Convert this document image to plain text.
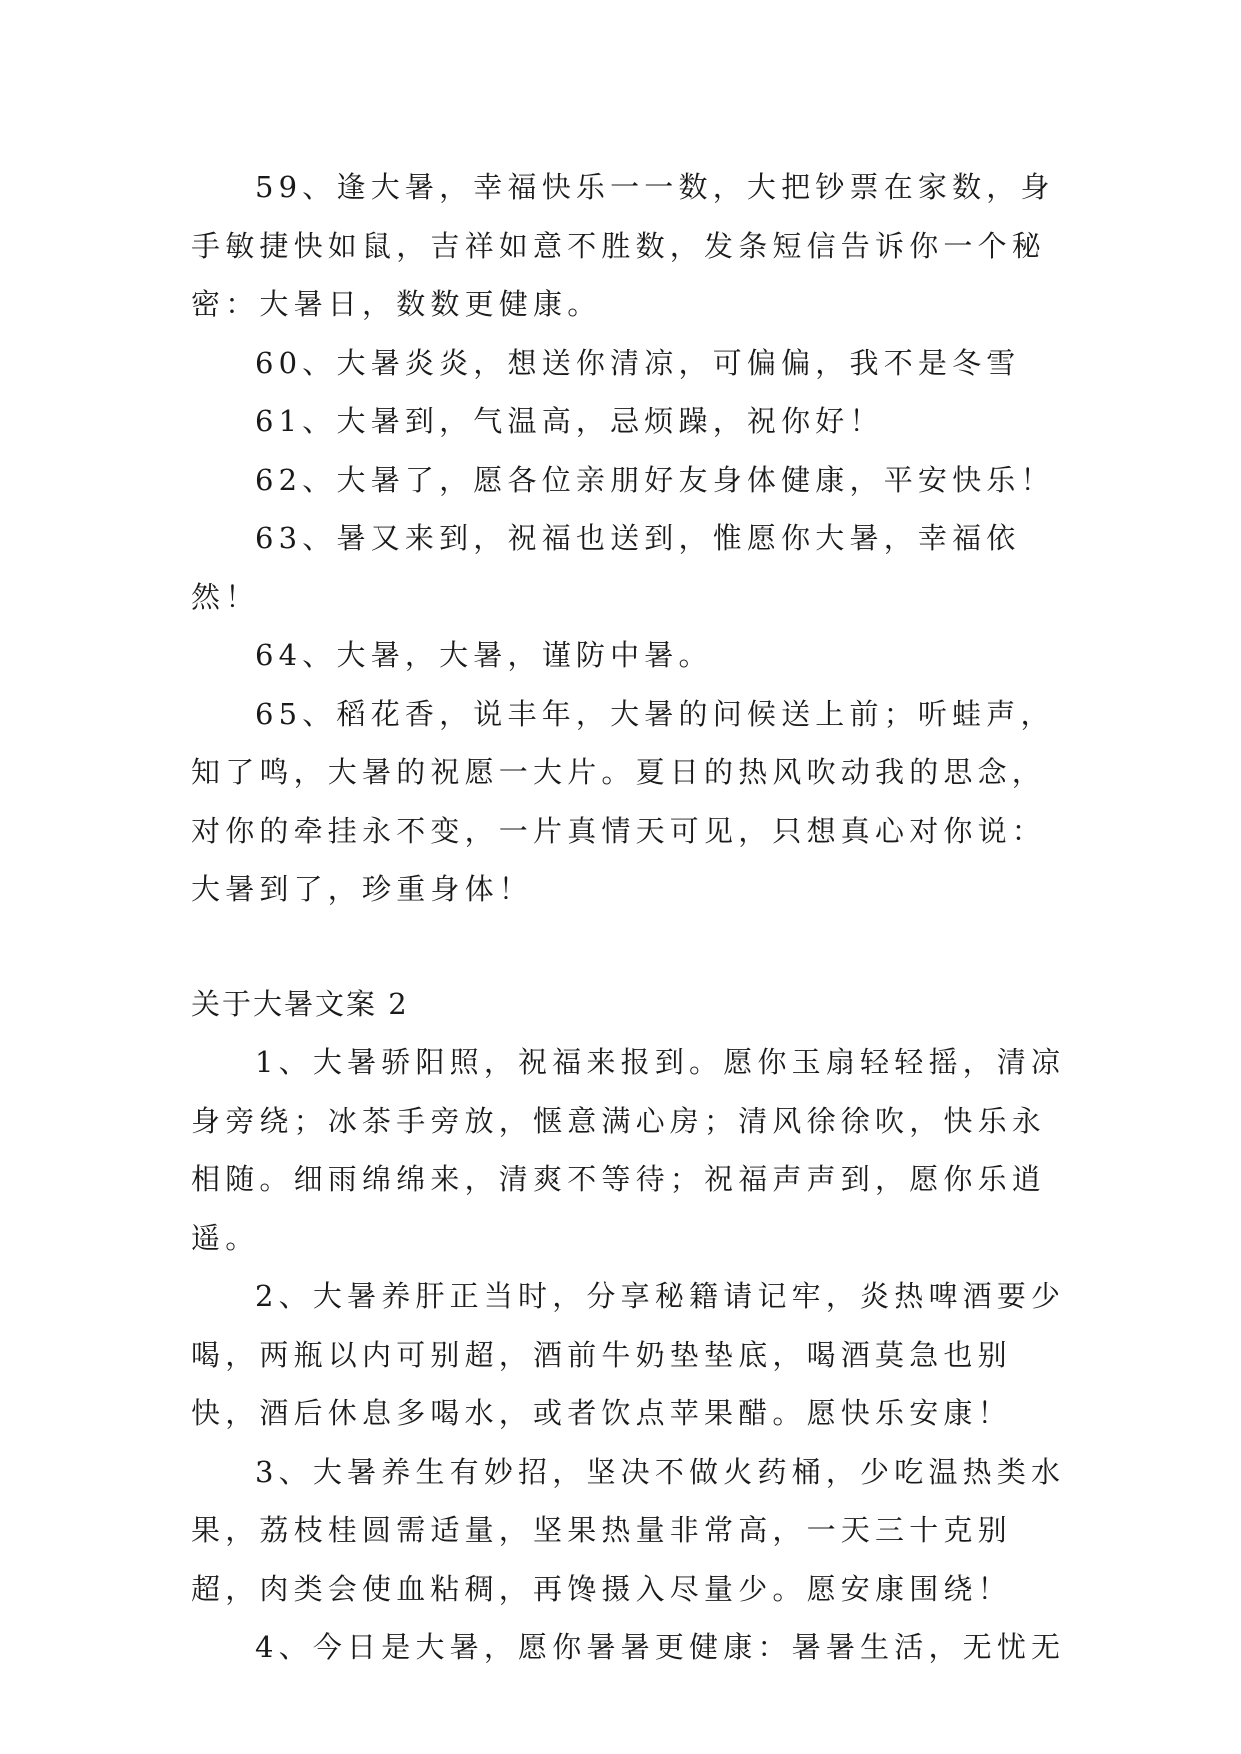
59、逢大暑，幸福快乐一一数，大把钞票在家数，身手敏捷快如鼠，吉祥如意不胜数，发条短信告诉你一个秘密：大暑日，数数更健康。

60、大暑炎炎，想送你清凉，可偏偏，我不是冬雪

61、大暑到，气温高，忌烦躁，祝你好！

62、大暑了，愿各位亲朋好友身体健康，平安快乐！

63、暑又来到，祝福也送到，惟愿你大暑，幸福依然！

64、大暑，大暑，谨防中暑。

65、稻花香，说丰年，大暑的问候送上前；听蛙声，知了鸣，大暑的祝愿一大片。夏日的热风吹动我的思念，对你的牵挂永不变，一片真情天可见，只想真心对你说：大暑到了，珍重身体！

关于大暑文案 2

1、大暑骄阳照，祝福来报到。愿你玉扇轻轻摇，清凉身旁绕；冰茶手旁放，惬意满心房；清风徐徐吹，快乐永相随。细雨绵绵来，清爽不等待；祝福声声到，愿你乐逍遥。

2、大暑养肝正当时，分享秘籍请记牢，炎热啤酒要少喝，两瓶以内可别超，酒前牛奶垫垫底，喝酒莫急也别快，酒后休息多喝水，或者饮点苹果醋。愿快乐安康！

3、大暑养生有妙招，坚决不做火药桶，少吃温热类水果，荔枝桂圆需适量，坚果热量非常高，一天三十克别超，肉类会使血粘稠，再馋摄入尽量少。愿安康围绕！

4、今日是大暑，愿你暑暑更健康：暑暑生活，无忧无
